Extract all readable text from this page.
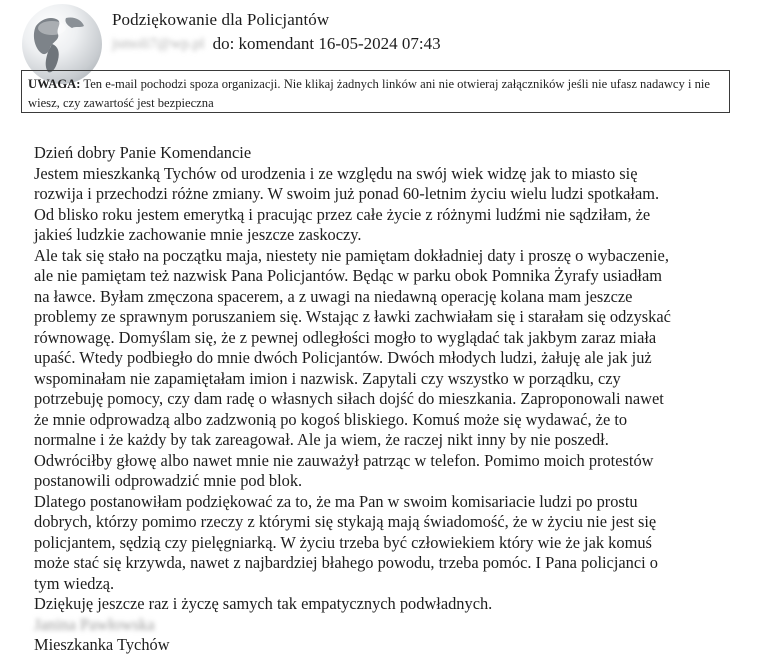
Podziękowanie dla Policjantów
jsmoli7@wp.pl do: komendant 16-05-2024 07:43
UWAGA: Ten e-mail pochodzi spoza organizacji. Nie klikaj żadnych linków ani nie otwieraj załączników jeśli nie ufasz nadawcy i nie wiesz, czy zawartość jest bezpieczna

Dzień dobry Panie Komendancie

Jestem mieszkanką Tychów od urodzenia i ze względu na swój wiek widzę jak to miasto się

rozwija i przechodzi różne zmiany. W swoim już ponad 60-letnim życiu wielu ludzi spotkałam.

Od blisko roku jestem emerytką i pracując przez całe życie z różnymi ludźmi nie sądziłam, że

jakieś ludzkie zachowanie mnie jeszcze zaskoczy.

Ale tak się stało na początku maja, niestety nie pamiętam dokładniej daty i proszę o wybaczenie,

ale nie pamiętam też nazwisk Pana Policjantów. Będąc w parku obok Pomnika Żyrafy usiadłam

na ławce. Byłam zmęczona spacerem, a z uwagi na niedawną operację kolana mam jeszcze

problemy ze sprawnym poruszaniem się. Wstając z ławki zachwiałam się i starałam się odzyskać

równowagę. Domyślam się, że z pewnej odległości mogło to wyglądać tak jakbym zaraz miała

upaść. Wtedy podbiegło do mnie dwóch Policjantów. Dwóch młodych ludzi, żałuję ale jak już

wspominałam nie zapamiętałam imion i nazwisk. Zapytali czy wszystko w porządku, czy

potrzebuję pomocy, czy dam radę o własnych siłach dojść do mieszkania. Zaproponowali nawet

że mnie odprowadzą albo zadzwonią po kogoś bliskiego. Komuś może się wydawać, że to

normalne i że każdy by tak zareagował. Ale ja wiem, że raczej nikt inny by nie poszedł.

Odwróciłby głowę albo nawet mnie nie zauważył patrząc w telefon. Pomimo moich protestów

postanowili odprowadzić mnie pod blok.

Dlatego postanowiłam podziękować za to, że ma Pan w swoim komisariacie ludzi po prostu

dobrych, którzy pomimo rzeczy z którymi się stykają mają świadomość, że w życiu nie jest się

policjantem, sędzią czy pielęgniarką. W życiu trzeba być człowiekiem który wie że jak komuś

może stać się krzywda, nawet z najbardziej błahego powodu, trzeba pomóc. I Pana policjanci o

tym wiedzą.

Dziękuję jeszcze raz i życzę samych tak empatycznych podwładnych.

Janina Pawłowska

Mieszkanka Tychów
